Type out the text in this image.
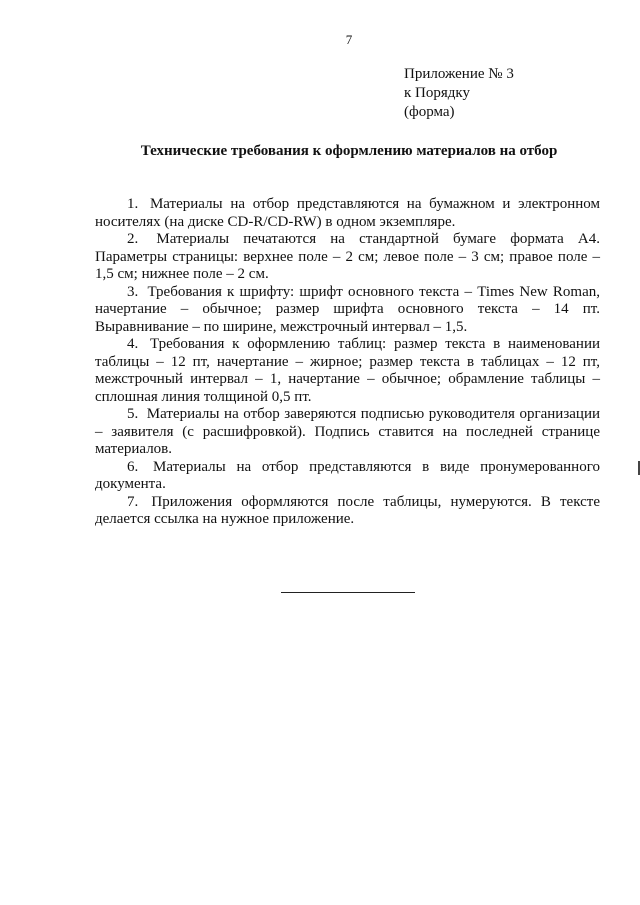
7
Приложение № 3
к Порядку
(форма)
Технические требования к оформлению материалов на отбор

1. Материалы на отбор представляются на бумажном и электронном носителях (на диске CD-R/CD-RW) в одном экземпляре.

2. Материалы печатаются на стандартной бумаге формата А4. Параметры страницы: верхнее поле – 2 см; левое поле – 3 см; правое поле – 1,5 см; нижнее поле – 2 см.

3. Требования к шрифту: шрифт основного текста – Times New Roman, начертание – обычное; размер шрифта основного текста – 14 пт. Выравнивание – по ширине, межстрочный интервал – 1,5.

4. Требования к оформлению таблиц: размер текста в наименовании таблицы – 12 пт, начертание – жирное; размер текста в таблицах – 12 пт, межстрочный интервал – 1, начертание – обычное; обрамление таблицы – сплошная линия толщиной 0,5 пт.

5. Материалы на отбор заверяются подписью руководителя организации – заявителя (с расшифровкой). Подпись ставится на последней странице материалов.

6. Материалы на отбор представляются в виде пронумерованного документа.

7. Приложения оформляются после таблицы, нумеруются. В тексте делается ссылка на нужное приложение.
